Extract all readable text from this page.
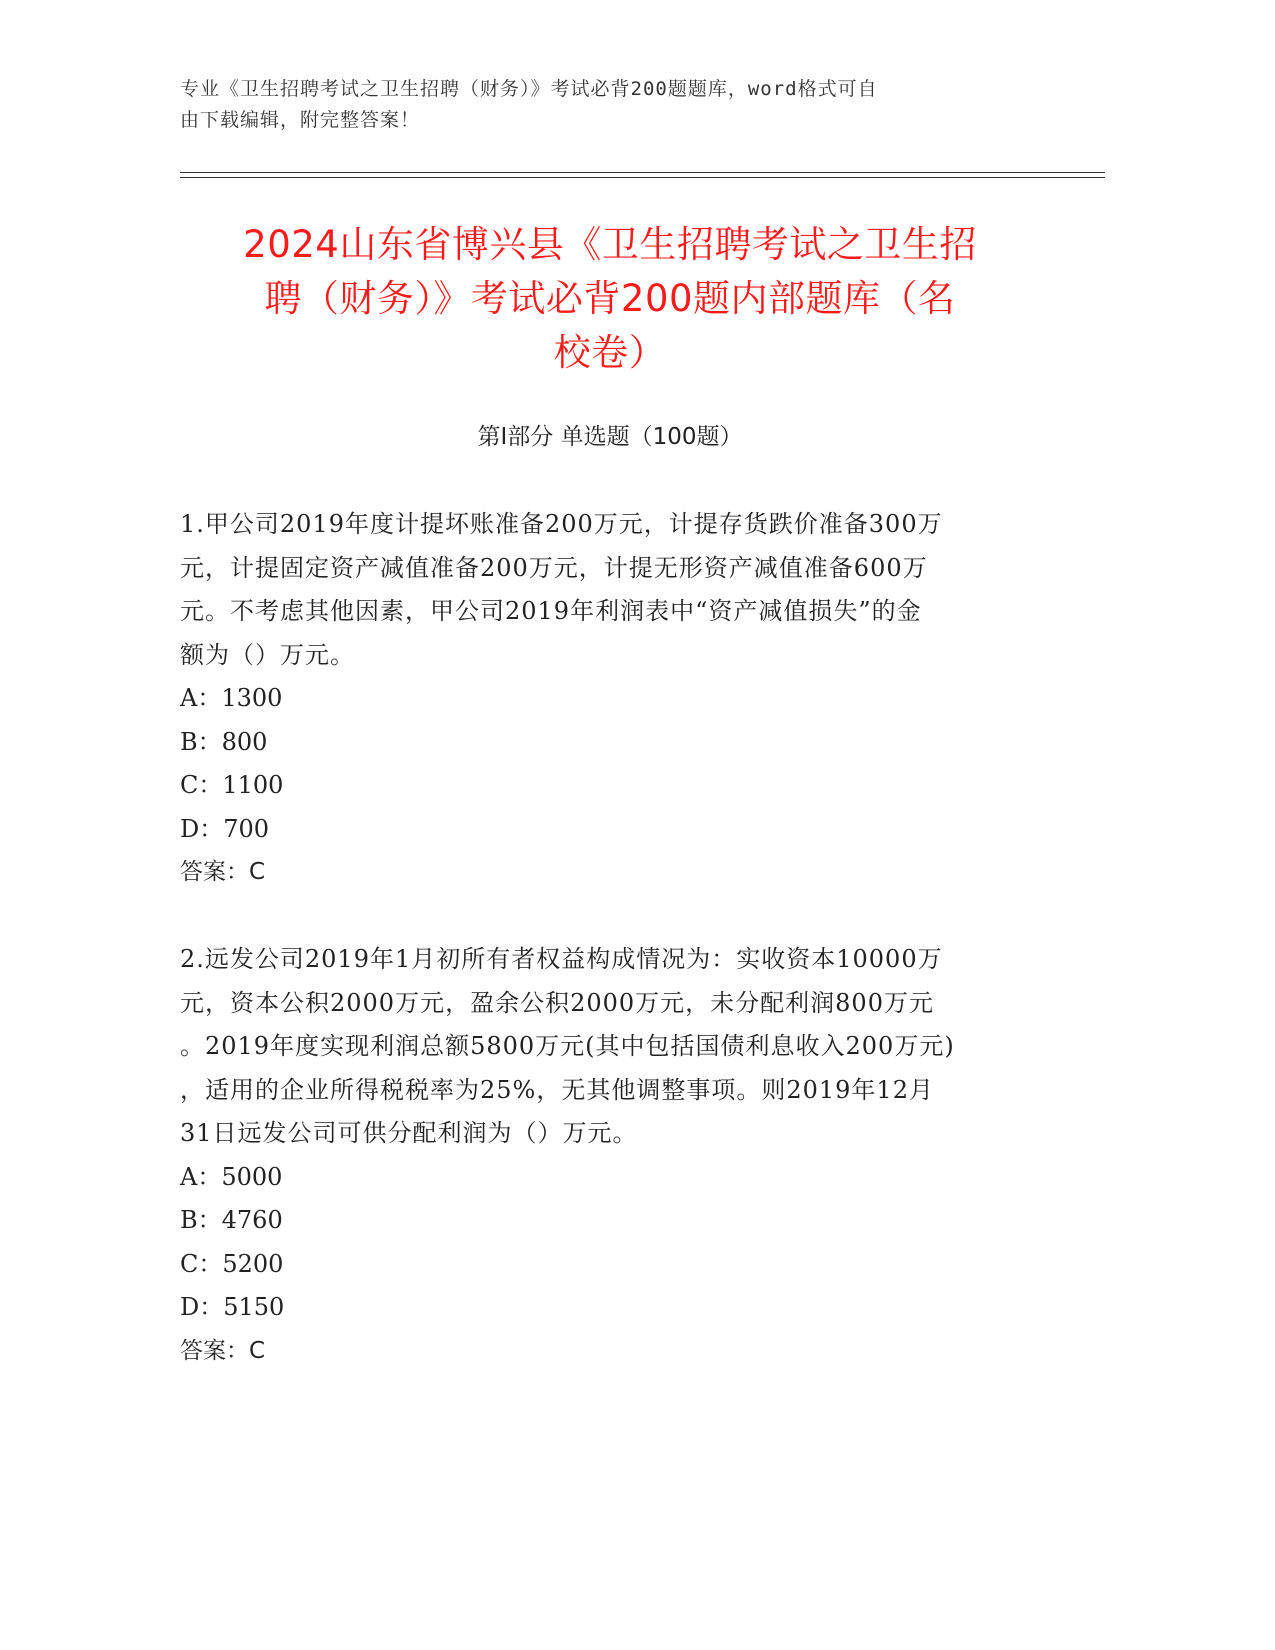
专业《卫生招聘考试之卫生招聘（财务）》考试必背200题题库，word格式可自
由下载编辑，附完整答案！
2024山东省博兴县《卫生招聘考试之卫生招
聘（财务）》考试必背200题内部题库（名
校卷）
第Ⅰ部分 单选题（100题）

1.甲公司2019年度计提坏账准备200万元，计提存货跌价准备300万

元，计提固定资产减值准备200万元，计提无形资产减值准备600万

元。不考虑其他因素，甲公司2019年利润表中“资产减值损失”的金

额为（）万元。

A：1300

B：800

C：1100

D：700

答案：C

2.远发公司2019年1月初所有者权益构成情况为：实收资本10000万

元，资本公积2000万元，盈余公积2000万元，未分配利润800万元

。2019年度实现利润总额5800万元(其中包括国债利息收入200万元)

，适用的企业所得税税率为25%，无其他调整事项。则2019年12月

31日远发公司可供分配利润为（）万元。

A：5000

B：4760

C：5200

D：5150

答案：C
